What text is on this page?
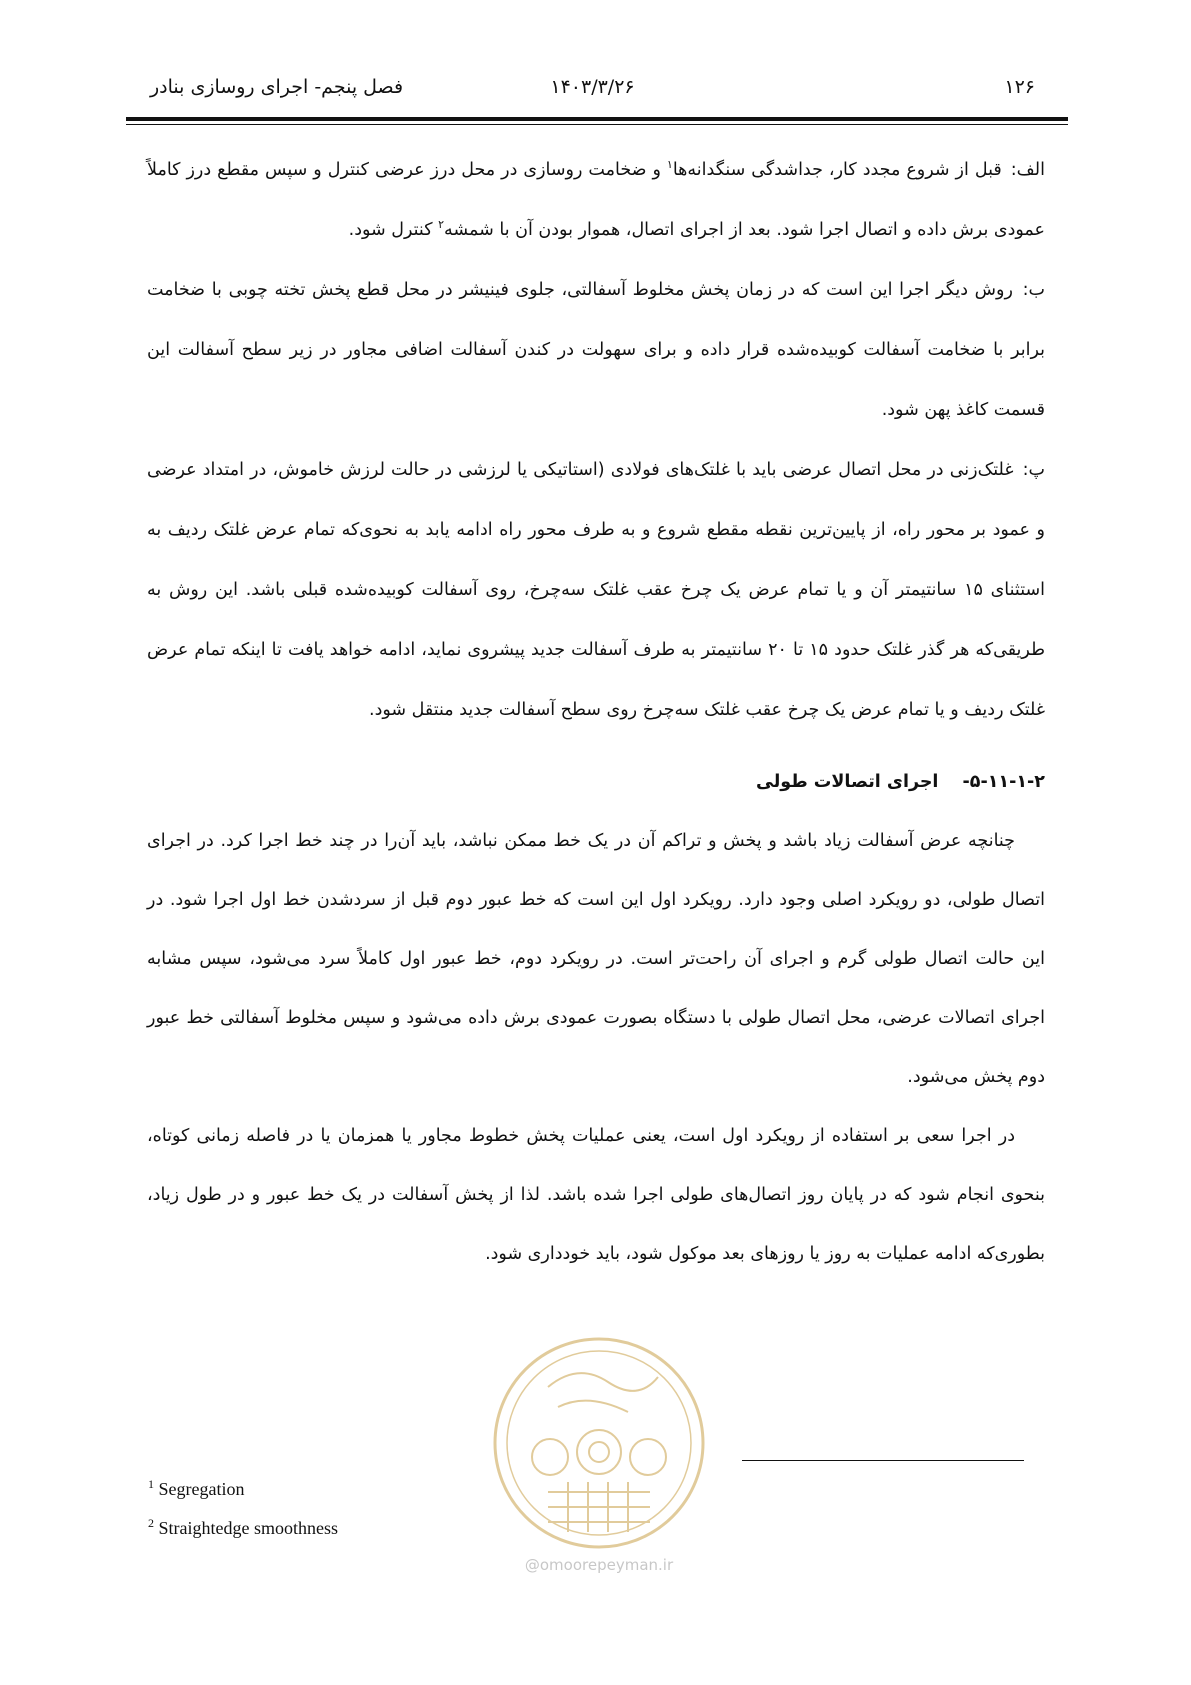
۱۲۶
۱۴۰۳/۳/۲۶
فصل پنجم- اجرای روسازی بنادر
الف: قبل از شروع مجدد کار، جداشدگی سنگدانه‌ها$^۱$ و ضخامت روسازی در محل درز عرضی کنترل و سپس مقطع درز کاملاً عمودی برش داده و اتصال اجرا شود. بعد از اجرای اتصال، هموار بودن آن با شمشه$^۲$ کنترل شود.
ب: روش دیگر اجرا این است که در زمان پخش مخلوط آسفالتی، جلوی فینیشر در محل قطع پخش تخته چوبی با ضخامت برابر با ضخامت آسفالت کوبیده‌شده قرار داده و برای سهولت در کندن آسفالت اضافی مجاور در زیر سطح آسفالت این قسمت کاغذ پهن شود.
پ: غلتک‌زنی در محل اتصال عرضی باید با غلتک‌های فولادی (استاتیکی یا لرزشی در حالت لرزش خاموش، در امتداد عرضی و عمود بر محور راه، از پایین‌ترین نقطه مقطع شروع و به طرف محور راه ادامه یابد به نحوی‌که تمام عرض غلتک ردیف به استثنای ۱۵ سانتیمتر آن و یا تمام عرض یک چرخ عقب غلتک سه‌چرخ، روی آسفالت کوبیده‌شده قبلی باشد. این روش به طریقی‌که هر گذر غلتک حدود ۱۵ تا ۲۰ سانتیمتر به طرف آسفالت جدید پیشروی نماید، ادامه خواهد یافت تا اینکه تمام عرض غلتک ردیف و یا تمام عرض یک چرخ عقب غلتک سه‌چرخ روی سطح آسفالت جدید منتقل شود.
۵-۱۱-۱-۲- اجرای اتصالات طولی

چنانچه عرض آسفالت زیاد باشد و پخش و تراکم آن در یک خط ممکن نباشد، باید آن‌را در چند خط اجرا کرد. در اجرای اتصال طولی، دو رویکرد اصلی وجود دارد. رویکرد اول این است که خط عبور دوم قبل از سردشدن خط اول اجرا شود. در این حالت اتصال طولی گرم و اجرای آن راحت‌تر است. در رویکرد دوم، خط عبور اول کاملاً سرد می‌شود، سپس مشابه اجرای اتصالات عرضی، محل اتصال طولی با دستگاه بصورت عمودی برش داده می‌شود و سپس مخلوط آسفالتی خط عبور دوم پخش می‌شود.

در اجرا سعی بر استفاده از رویکرد اول است، یعنی عملیات پخش خطوط مجاور یا همزمان یا در فاصله زمانی کوتاه، بنحوی انجام شود که در پایان روز اتصال‌های طولی اجرا شده باشد. لذا از پخش آسفالت در یک خط عبور و در طول زیاد، بطوری‌که ادامه عملیات به روز یا روزهای بعد موکول شود، باید خودداری شود.

@omoorepeyman.ir
$^1$ Segregation
$^2$ Straightedge smoothness
